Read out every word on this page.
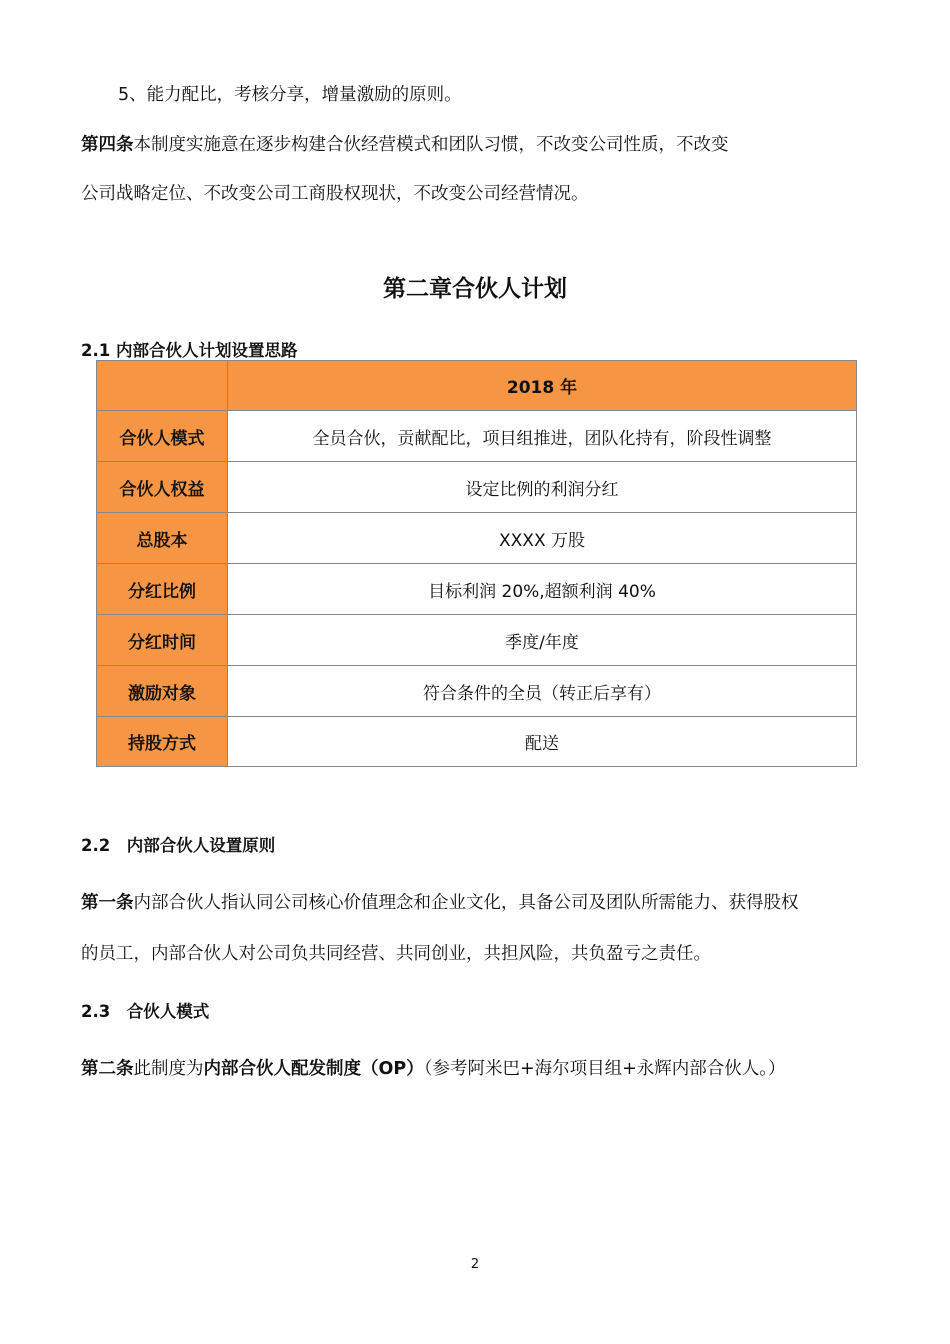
5、能力配比，考核分享，增量激励的原则。
第四条本制度实施意在逐步构建合伙经营模式和团队习惯，不改变公司性质，不改变
公司战略定位、不改变公司工商股权现状，不改变公司经营情况。
第二章合伙人计划
2.1 内部合伙人计划设置思路
	2018 年
合伙人模式	全员合伙，贡献配比，项目组推进，团队化持有，阶段性调整
合伙人权益	设定比例的利润分红
总股本	XXXX 万股
分红比例	目标利润 20%,超额利润 40%
分红时间	季度/年度
激励对象	符合条件的全员（转正后享有）
持股方式	配送
2.2　内部合伙人设置原则
第一条内部合伙人指认同公司核心价值理念和企业文化，具备公司及团队所需能力、获得股权
的员工，内部合伙人对公司负共同经营、共同创业，共担风险，共负盈亏之责任。
2.3　合伙人模式
第二条此制度为内部合伙人配发制度（OP）（参考阿米巴+海尔项目组+永辉内部合伙人。）
2
